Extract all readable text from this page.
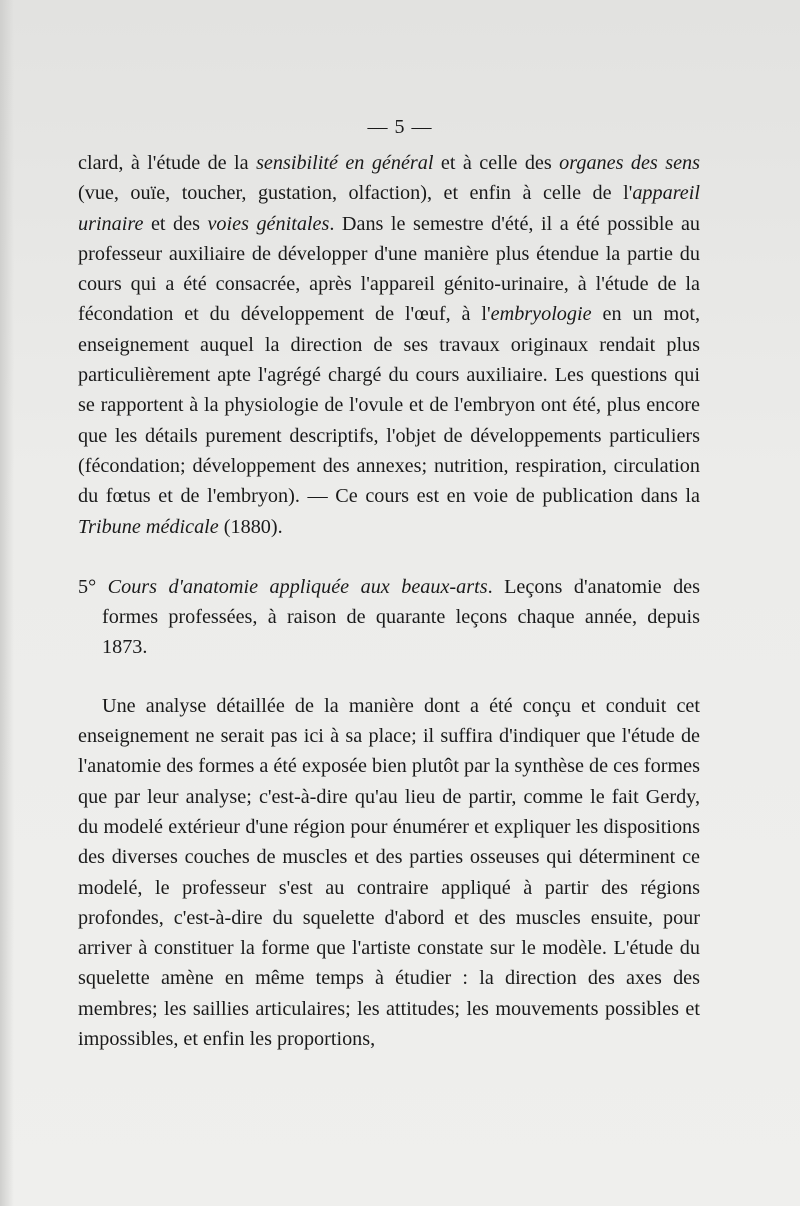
— 5 —

clard, à l'étude de la sensibilité en général et à celle des organes des sens (vue, ouïe, toucher, gustation, olfaction), et enfin à celle de l'appareil urinaire et des voies génitales. Dans le semestre d'été, il a été possible au professeur auxiliaire de développer d'une manière plus étendue la partie du cours qui a été consacrée, après l'appareil génito-urinaire, à l'étude de la fécondation et du développement de l'œuf, à l'embryologie en un mot, enseignement auquel la direction de ses travaux originaux rendait plus particulièrement apte l'agrégé chargé du cours auxiliaire. Les questions qui se rapportent à la physiologie de l'ovule et de l'embryon ont été, plus encore que les détails purement descriptifs, l'objet de développements particuliers (fécondation; développement des annexes; nutrition, respiration, circulation du fœtus et de l'embryon). — Ce cours est en voie de publication dans la Tribune médicale (1880).

5° Cours d'anatomie appliquée aux beaux-arts. Leçons d'anatomie des formes professées, à raison de quarante leçons chaque année, depuis 1873.

Une analyse détaillée de la manière dont a été conçu et conduit cet enseignement ne serait pas ici à sa place; il suffira d'indiquer que l'étude de l'anatomie des formes a été exposée bien plutôt par la synthèse de ces formes que par leur analyse; c'est-à-dire qu'au lieu de partir, comme le fait Gerdy, du modelé extérieur d'une région pour énumérer et expliquer les dispositions des diverses couches de muscles et des parties osseuses qui déterminent ce modelé, le professeur s'est au contraire appliqué à partir des régions profondes, c'est-à-dire du squelette d'abord et des muscles ensuite, pour arriver à constituer la forme que l'artiste constate sur le modèle. L'étude du squelette amène en même temps à étudier : la direction des axes des membres; les saillies articulaires; les attitudes; les mouvements possibles et impossibles, et enfin les proportions,
